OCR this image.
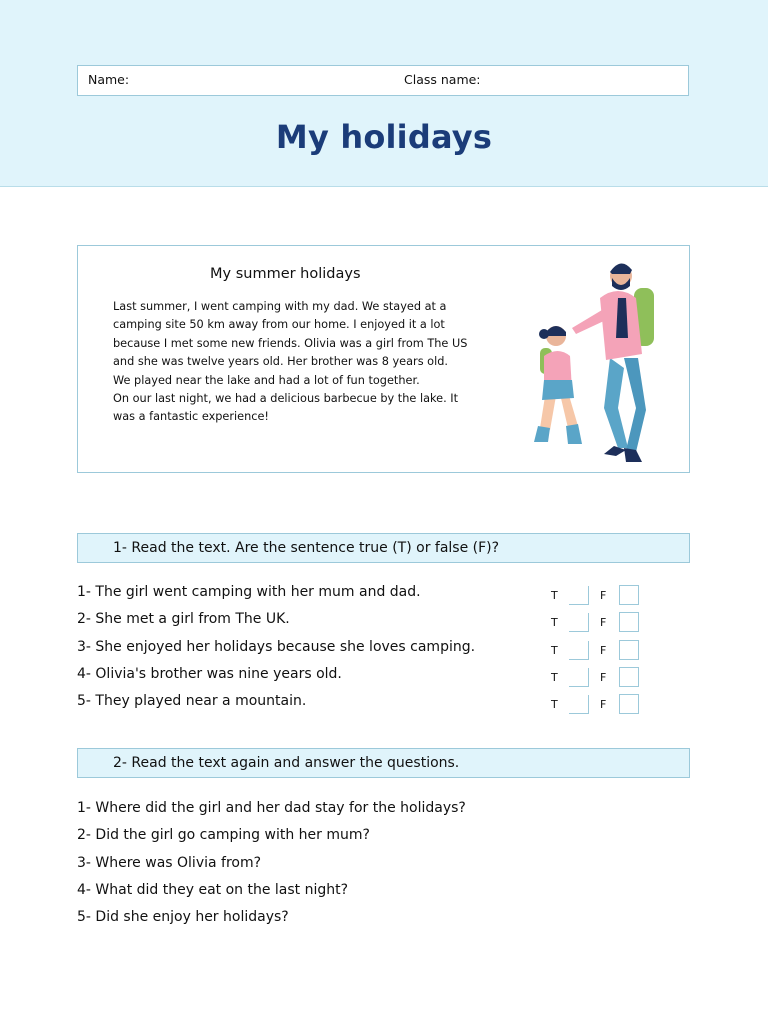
Name:	Class name:
My holidays
My summer holidays

Last summer, I went camping with my dad. We stayed at a camping site 50 km away from our home. I enjoyed it a lot because I met some new friends. Olivia was a girl from The US and she was twelve years old. Her brother was 8 years old. We played near the lake and had a lot of fun together.

On our last night, we had a delicious barbecue by the lake. It was a fantastic experience!

1- Read the text. Are the sentence true (T) or false (F)?
1- The girl went camping with her mum and dad.	T	F
2- She met a girl from The UK.	T	F
3- She enjoyed her holidays because she loves camping.	T	F
4- Olivia's brother was nine years old.	T	F
5- They played near a mountain.	T	F
2- Read the text again and answer the questions.
1- Where did the girl and her dad stay for the holidays?
2- Did the girl go camping with her mum?
3- Where was Olivia from?
4- What did they eat on the last night?
5- Did she enjoy her holidays?
